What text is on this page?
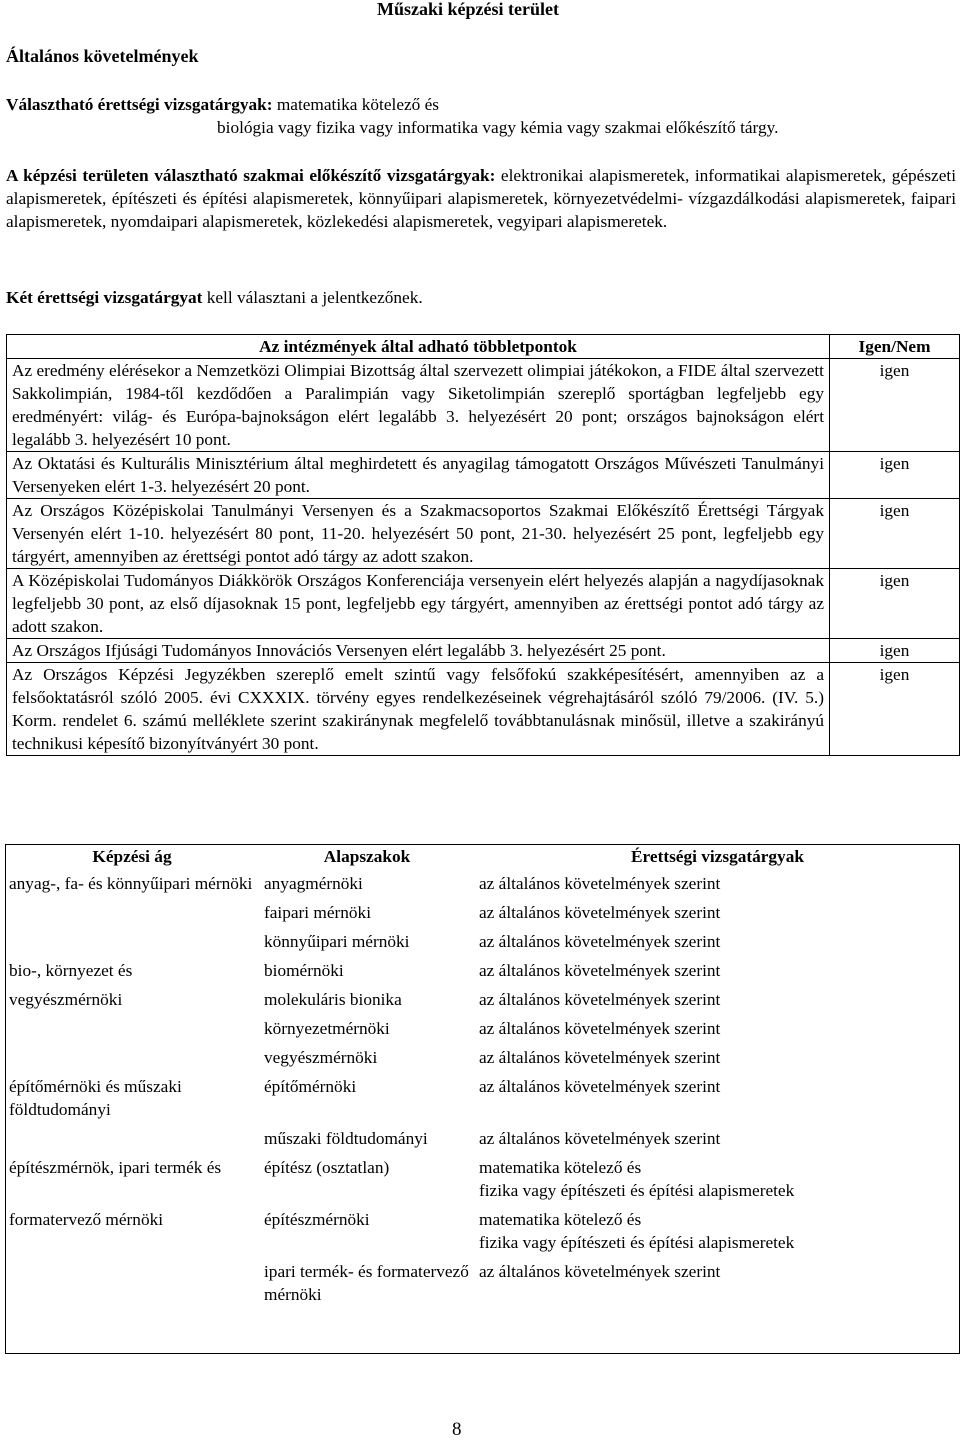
Műszaki képzési terület
Általános követelmények
Választható érettségi vizsgatárgyak: matematika kötelező és
biológia vagy fizika vagy informatika vagy kémia vagy szakmai előkészítő tárgy.
A képzési területen választható szakmai előkészítő vizsgatárgyak: elektronikai alapismeretek, informatikai alapismeretek, gépészeti alapismeretek, építészeti és építési alapismeretek, könnyűipari alapismeretek, környezetvédelmi- vízgazdálkodási alapismeretek, faipari alapismeretek, nyomdaipari alapismeretek, közlekedési alapismeretek, vegyipari alapismeretek.
Két érettségi vizsgatárgyat kell választani a jelentkezőnek.
Az intézmények által adható többletpontok	Igen/Nem
Az eredmény elérésekor a Nemzetközi Olimpiai Bizottság által szervezett olimpiai játékokon, a FIDE által szervezett Sakkolimpián, 1984-től kezdődően a Paralimpián vagy Siketolimpián szereplő sportágban legfeljebb egy eredményért: világ- és Európa-bajnokságon elért legalább 3. helyezésért 20 pont; országos bajnokságon elért legalább 3. helyezésért 10 pont.	igen
Az Oktatási és Kulturális Minisztérium által meghirdetett és anyagilag támogatott Országos Művészeti Tanulmányi Versenyeken elért 1-3. helyezésért 20 pont.	igen
Az Országos Középiskolai Tanulmányi Versenyen és a Szakmacsoportos Szakmai Előkészítő Érettségi Tárgyak Versenyén elért 1-10. helyezésért 80 pont, 11-20. helyezésért 50 pont, 21-30. helyezésért 25 pont, legfeljebb egy tárgyért, amennyiben az érettségi pontot adó tárgy az adott szakon.	igen
A Középiskolai Tudományos Diákkörök Országos Konferenciája versenyein elért helyezés alapján a nagydíjasoknak legfeljebb 30 pont, az első díjasoknak 15 pont, legfeljebb egy tárgyért, amennyiben az érettségi pontot adó tárgy az adott szakon.	igen
Az Országos Ifjúsági Tudományos Innovációs Versenyen elért legalább 3. helyezésért 25 pont.	igen
Az Országos Képzési Jegyzékben szereplő emelt szintű vagy felsőfokú szakképesítésért, amennyiben az a felsőoktatásról szóló 2005. évi CXXXIX. törvény egyes rendelkezéseinek végrehajtásáról szóló 79/2006. (IV. 5.) Korm. rendelet 6. számú melléklete szerint szakiránynak megfelelő továbbtanulásnak minősül, illetve a szakirányú technikusi képesítő bizonyítványért 30 pont.	igen
Képzési ág	Alapszakok	Érettségi vizsgatárgyak
anyag-, fa- és könnyűipari mérnöki	anyagmérnöki	az általános követelmények szerint
	faipari mérnöki	az általános követelmények szerint
	könnyűipari mérnöki	az általános követelmények szerint
bio-, környezet és	biomérnöki	az általános követelmények szerint
vegyészmérnöki	molekuláris bionika	az általános követelmények szerint
	környezetmérnöki	az általános követelmények szerint
	vegyészmérnöki	az általános követelmények szerint
építőmérnöki és műszaki földtudományi	építőmérnöki	az általános követelmények szerint
	műszaki földtudományi	az általános követelmények szerint
építészmérnök, ipari termék és	építész (osztatlan)	matematika kötelező és
fizika vagy építészeti és építési alapismeretek
formatervező mérnöki	építészmérnöki	matematika kötelező és
fizika vagy építészeti és építési alapismeretek
	ipari termék- és formatervező mérnöki	az általános követelmények szerint
8
